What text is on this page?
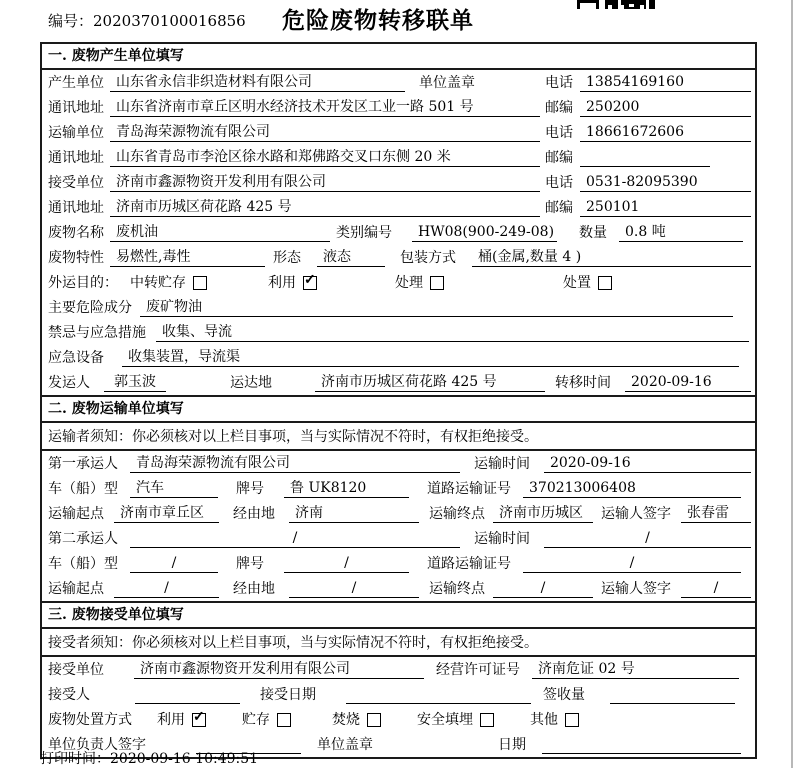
编号：2020370100016856	危险废物转移联单
一. 废物产生单位填写
产生单位 山东省永信非织造材料有限公司	单位盖章	电话 13854169160
通讯地址 山东省济南市章丘区明水经济技术开发区工业一路 501 号	邮编 250200
运输单位 青岛海荣源物流有限公司	电话 18661672606
通讯地址 山东省青岛市李沧区徐水路和郑佛路交叉口东侧 20 米	邮编
接受单位 济南市鑫源物资开发利用有限公司	电话 0531-82095390
通讯地址 济南市历城区荷花路 425 号	邮编 250101
废物名称 废机油	类别编号	HW08(900-249-08) 数量	0.8 吨
废物特性 易燃性,毒性	形态	液态	包装方式	桶(金属,数量 4 )
外运目的： 中转贮存	利用 ✓	处理	处置
主要危险成分	废矿物油
禁忌与应急措施	收集、导流
应急设备	收集装置，导流渠
发运人	郭玉波	运达地	济南市历城区荷花路 425 号	转移时间	2020-09-16
二. 废物运输单位填写
运输者须知：你必须核对以上栏目事项，当与实际情况不符时，有权拒绝接受。
第一承运人	青岛海荣源物流有限公司	运输时间	2020-09-16
车（船）型	汽车	牌号	鲁 UK8120	道路运输证号	370213006408
运输起点	济南市章丘区	经由地	济南	运输终点	济南市历城区	运输人签字	张春雷
第二承运人	/	运输时间	/
车（船）型	/	牌号	/	道路运输证号	/
运输起点	/	经由地	/	运输终点	/	运输人签字	/
三. 废物接受单位填写
接受者须知：你必须核对以上栏目事项，当与实际情况不符时，有权拒绝接受。
接受单位	济南市鑫源物资开发利用有限公司	经营许可证号	济南危证 02 号
接受人	接受日期	签收量
废物处置方式 利用 ✓	贮存	焚烧	安全填埋	其他
单位负责人签字	单位盖章	日期
打印时间：2020-09-16 10:49:51
